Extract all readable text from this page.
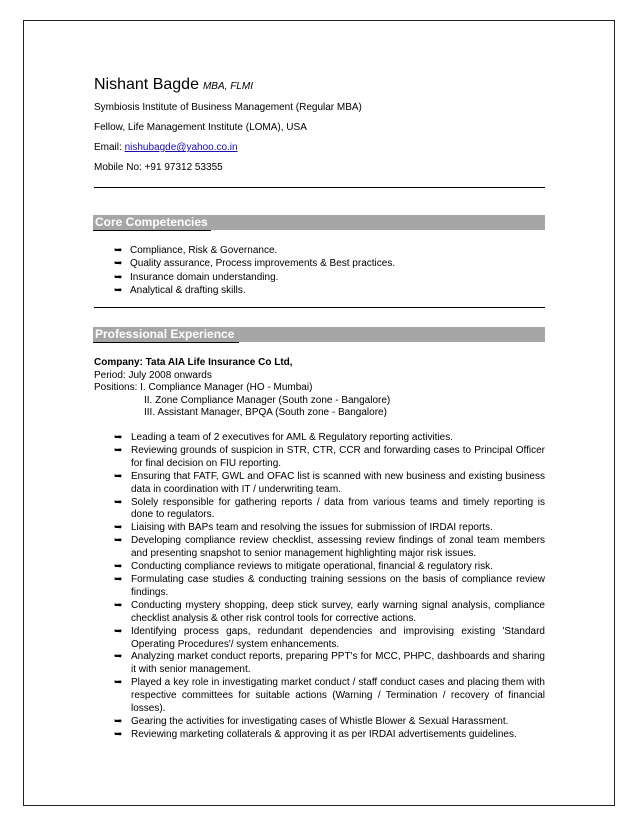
Nishant Bagde MBA, FLMI
Symbiosis Institute of Business Management (Regular MBA)
Fellow, Life Management Institute (LOMA), USA
Email: nishubagde@yahoo.co.in
Mobile No: +91 97312 53355
Core Competencies
➥ Compliance, Risk & Governance.
➥ Quality assurance, Process improvements & Best practices.
➥ Insurance domain understanding.
➥ Analytical & drafting skills.
Professional Experience
Company: Tata AIA Life Insurance Co Ltd,
Period: July 2008 onwards
Positions: I. Compliance Manager (HO - Mumbai)
II. Zone Compliance Manager (South zone - Bangalore)
III. Assistant Manager, BPQA (South zone - Bangalore)
➥ Leading a team of 2 executives for AML & Regulatory reporting activities.
➥ Reviewing grounds of suspicion in STR, CTR, CCR and forwarding cases to Principal Officer for final decision on FIU reporting.
➥ Ensuring that FATF, GWL and OFAC list is scanned with new business and existing business data in coordination with IT / underwriting team.
➥ Solely responsible for gathering reports / data from various teams and timely reporting is done to regulators.
➥ Liaising with BAPs team and resolving the issues for submission of IRDAI reports.
➥ Developing compliance review checklist, assessing review findings of zonal team members and presenting snapshot to senior management highlighting major risk issues.
➥ Conducting compliance reviews to mitigate operational, financial & regulatory risk.
➥ Formulating case studies & conducting training sessions on the basis of compliance review findings.
➥ Conducting mystery shopping, deep stick survey, early warning signal analysis, compliance checklist analysis & other risk control tools for corrective actions.
➥ Identifying process gaps, redundant dependencies and improvising existing 'Standard Operating Procedures'/ system enhancements.
➥ Analyzing market conduct reports, preparing PPT's for MCC, PHPC, dashboards and sharing it with senior management.
➥ Played a key role in investigating market conduct / staff conduct cases and placing them with respective committees for suitable actions (Warning / Termination / recovery of financial losses).
➥ Gearing the activities for investigating cases of Whistle Blower & Sexual Harassment.
➥ Reviewing marketing collaterals & approving it as per IRDAI advertisements guidelines.
